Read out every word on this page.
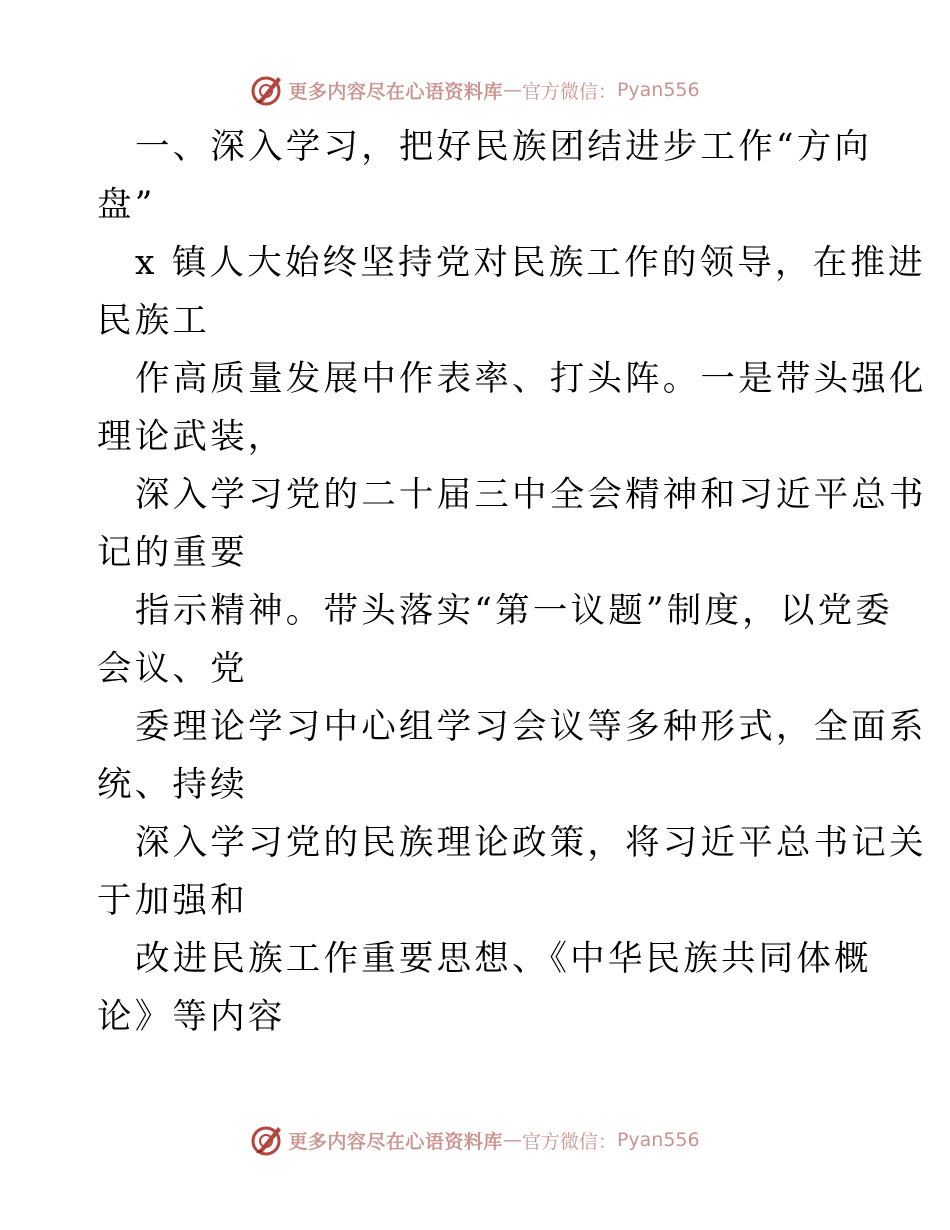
更多内容尽在心语资料库 — 官方微信： Pyan556

一、深入学习，把好民族团结进步工作“方向

盘”

x 镇人大始终坚持党对民族工作的领导，在推进

民族工

作高质量发展中作表率、打头阵。一是带头强化

理论武装，

深入学习党的二十届三中全会精神和习近平总书

记的重要

指示精神。带头落实“第一议题”制度，以党委

会议、党

委理论学习中心组学习会议等多种形式，全面系

统、持续

深入学习党的民族理论政策，将习近平总书记关

于加强和

改进民族工作重要思想、《中华民族共同体概

论》等内容

更多内容尽在心语资料库 — 官方微信： Pyan556
